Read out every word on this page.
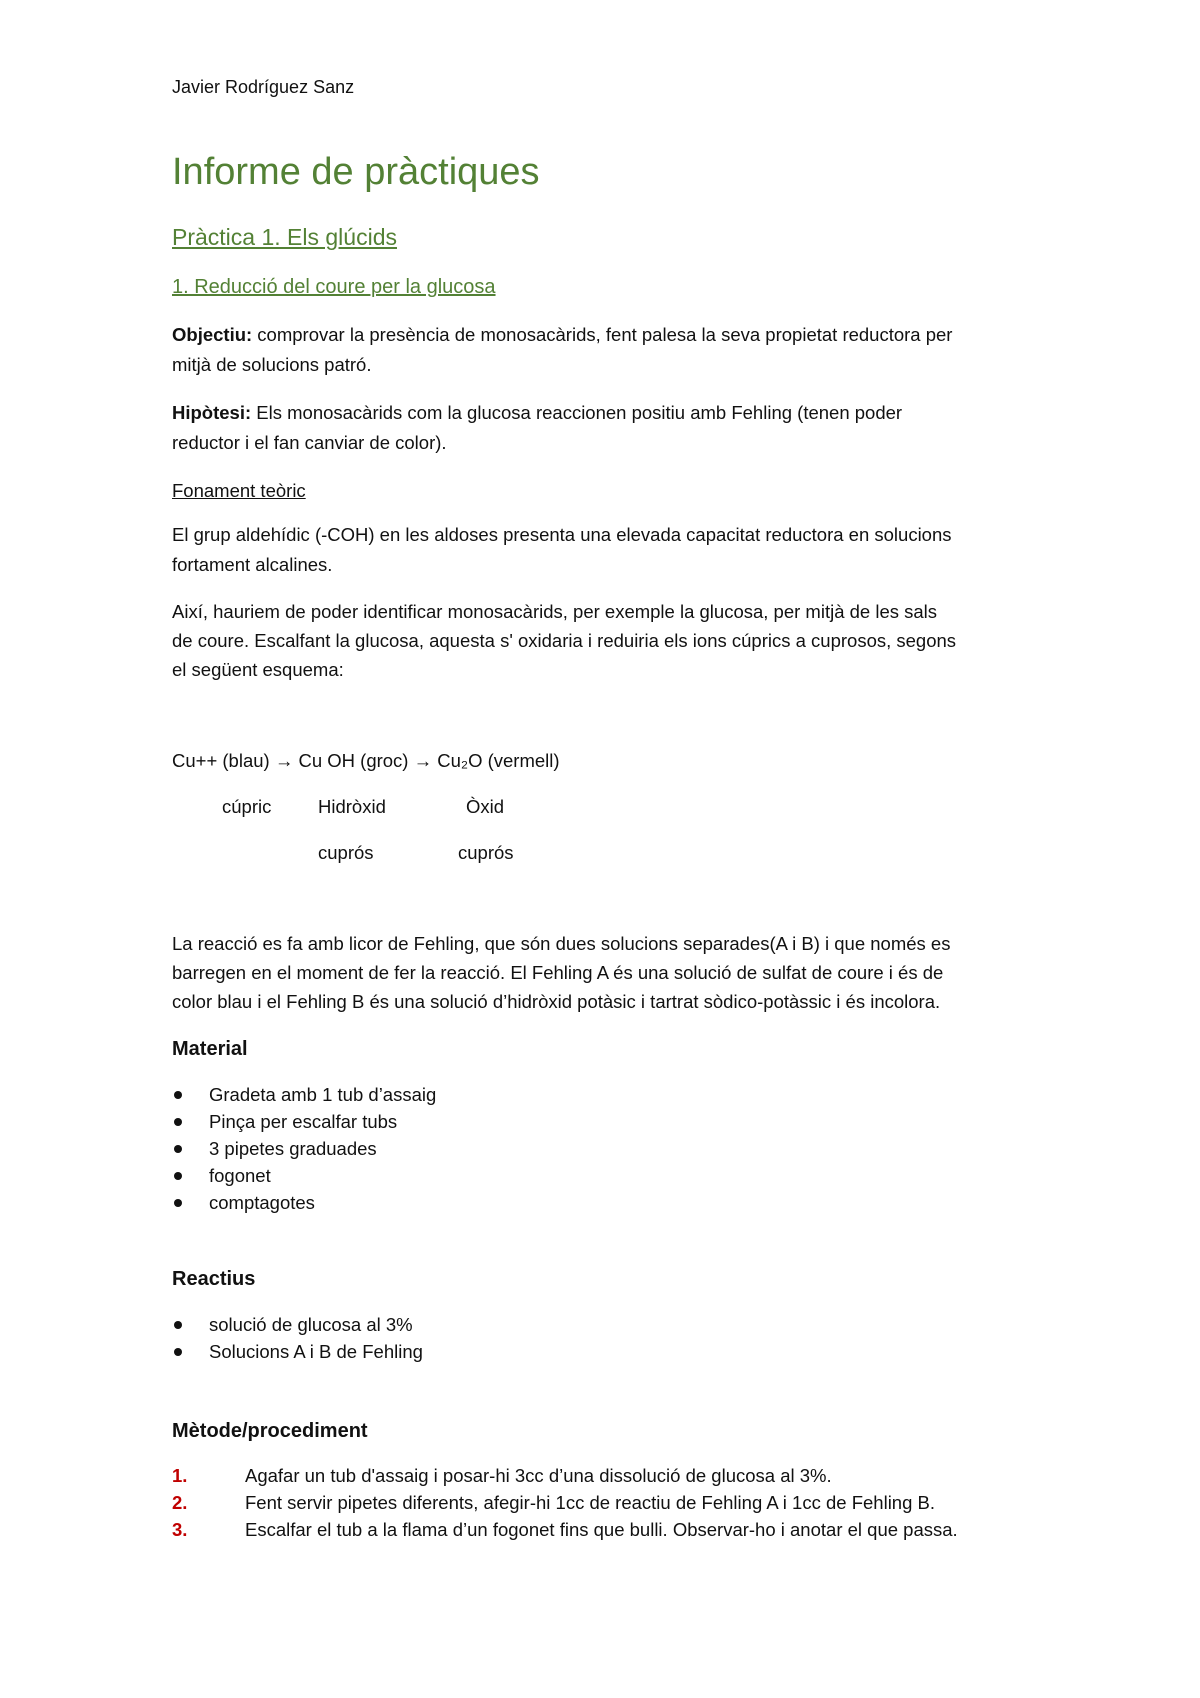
Javier Rodríguez Sanz
Informe de pràctiques
Pràctica 1. Els glúcids
1. Reducció del coure per la glucosa
Objectiu: comprovar la presència de monosacàrids, fent palesa la seva propietat reductora per
mitjà de solucions patró.
Hipòtesi: Els monosacàrids com la glucosa reaccionen positiu amb Fehling (tenen poder
reductor i el fan canviar de color).
Fonament teòric
El grup aldehídic (-COH) en les aldoses presenta una elevada capacitat reductora en solucions
fortament alcalines.
Així, hauriem de poder identificar monosacàrids, per exemple la glucosa, per mitjà de les sals
de coure. Escalfant la glucosa, aquesta s' oxidaria i reduiria els ions cúprics a cuprosos, segons
el següent esquema:
Cu++ (blau) → Cu OH (groc) → Cu₂O (vermell)
cúpric	Hidròxid	Òxid
cuprós	cuprós
La reacció es fa amb licor de Fehling, que són dues solucions separades(A i B) i que només es
barregen en el moment de fer la reacció. El Fehling A és una solució de sulfat de coure i és de
color blau i el Fehling B és una solució d’hidròxid potàsic i tartrat sòdico-potàssic i és incolora.
Material
Gradeta amb 1 tub d’assaig
Pinça per escalfar tubs
3 pipetes graduades
fogonet
comptagotes
Reactius
solució de glucosa al 3%
Solucions A i B de Fehling
Mètode/procediment
1.	Agafar un tub d'assaig i posar-hi 3cc d’una dissolució de glucosa al 3%.
2.	Fent servir pipetes diferents, afegir-hi 1cc de reactiu de Fehling A i 1cc de Fehling B.
3.	Escalfar el tub a la flama d’un fogonet fins que bulli. Observar-ho i anotar el que passa.
